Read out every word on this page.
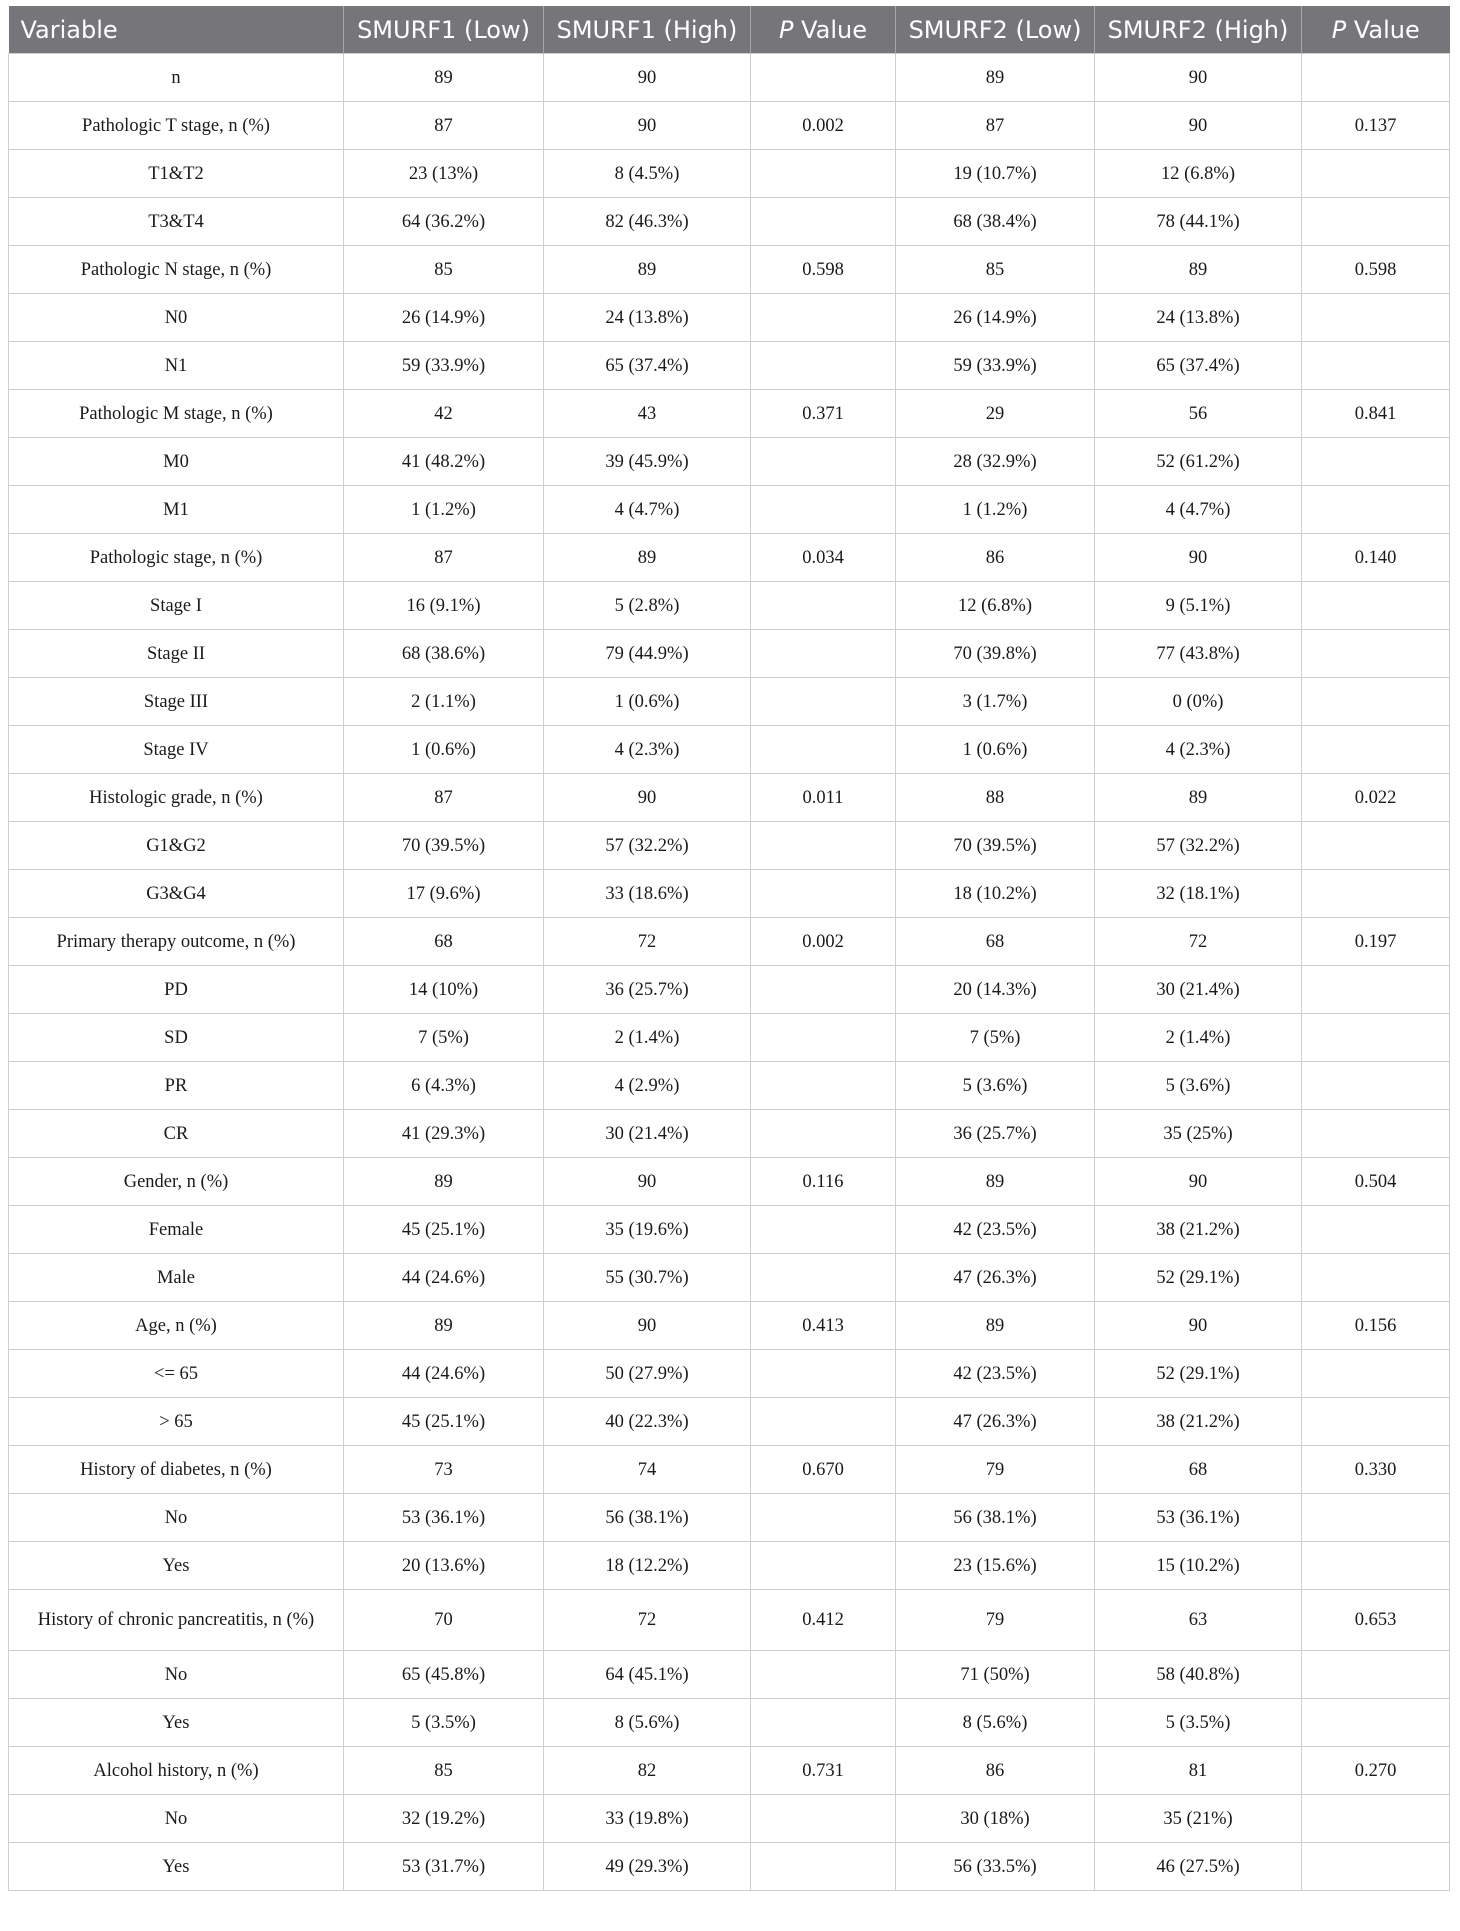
Variable	SMURF1 (Low)	SMURF1 (High)	P Value	SMURF2 (Low)	SMURF2 (High)	P Value
n	89	90		89	90	
Pathologic T stage, n (%)	87	90	0.002	87	90	0.137
T1&T2	23 (13%)	8 (4.5%)		19 (10.7%)	12 (6.8%)	
T3&T4	64 (36.2%)	82 (46.3%)		68 (38.4%)	78 (44.1%)	
Pathologic N stage, n (%)	85	89	0.598	85	89	0.598
N0	26 (14.9%)	24 (13.8%)		26 (14.9%)	24 (13.8%)	
N1	59 (33.9%)	65 (37.4%)		59 (33.9%)	65 (37.4%)	
Pathologic M stage, n (%)	42	43	0.371	29	56	0.841
M0	41 (48.2%)	39 (45.9%)		28 (32.9%)	52 (61.2%)	
M1	1 (1.2%)	4 (4.7%)		1 (1.2%)	4 (4.7%)	
Pathologic stage, n (%)	87	89	0.034	86	90	0.140
Stage I	16 (9.1%)	5 (2.8%)		12 (6.8%)	9 (5.1%)	
Stage II	68 (38.6%)	79 (44.9%)		70 (39.8%)	77 (43.8%)	
Stage III	2 (1.1%)	1 (0.6%)		3 (1.7%)	0 (0%)	
Stage IV	1 (0.6%)	4 (2.3%)		1 (0.6%)	4 (2.3%)	
Histologic grade, n (%)	87	90	0.011	88	89	0.022
G1&G2	70 (39.5%)	57 (32.2%)		70 (39.5%)	57 (32.2%)	
G3&G4	17 (9.6%)	33 (18.6%)		18 (10.2%)	32 (18.1%)	
Primary therapy outcome, n (%)	68	72	0.002	68	72	0.197
PD	14 (10%)	36 (25.7%)		20 (14.3%)	30 (21.4%)	
SD	7 (5%)	2 (1.4%)		7 (5%)	2 (1.4%)	
PR	6 (4.3%)	4 (2.9%)		5 (3.6%)	5 (3.6%)	
CR	41 (29.3%)	30 (21.4%)		36 (25.7%)	35 (25%)	
Gender, n (%)	89	90	0.116	89	90	0.504
Female	45 (25.1%)	35 (19.6%)		42 (23.5%)	38 (21.2%)	
Male	44 (24.6%)	55 (30.7%)		47 (26.3%)	52 (29.1%)	
Age, n (%)	89	90	0.413	89	90	0.156
<= 65	44 (24.6%)	50 (27.9%)		42 (23.5%)	52 (29.1%)	
> 65	45 (25.1%)	40 (22.3%)		47 (26.3%)	38 (21.2%)	
History of diabetes, n (%)	73	74	0.670	79	68	0.330
No	53 (36.1%)	56 (38.1%)		56 (38.1%)	53 (36.1%)	
Yes	20 (13.6%)	18 (12.2%)		23 (15.6%)	15 (10.2%)	
History of chronic pancreatitis, n (%)	70	72	0.412	79	63	0.653
No	65 (45.8%)	64 (45.1%)		71 (50%)	58 (40.8%)	
Yes	5 (3.5%)	8 (5.6%)		8 (5.6%)	5 (3.5%)	
Alcohol history, n (%)	85	82	0.731	86	81	0.270
No	32 (19.2%)	33 (19.8%)		30 (18%)	35 (21%)	
Yes	53 (31.7%)	49 (29.3%)		56 (33.5%)	46 (27.5%)	
